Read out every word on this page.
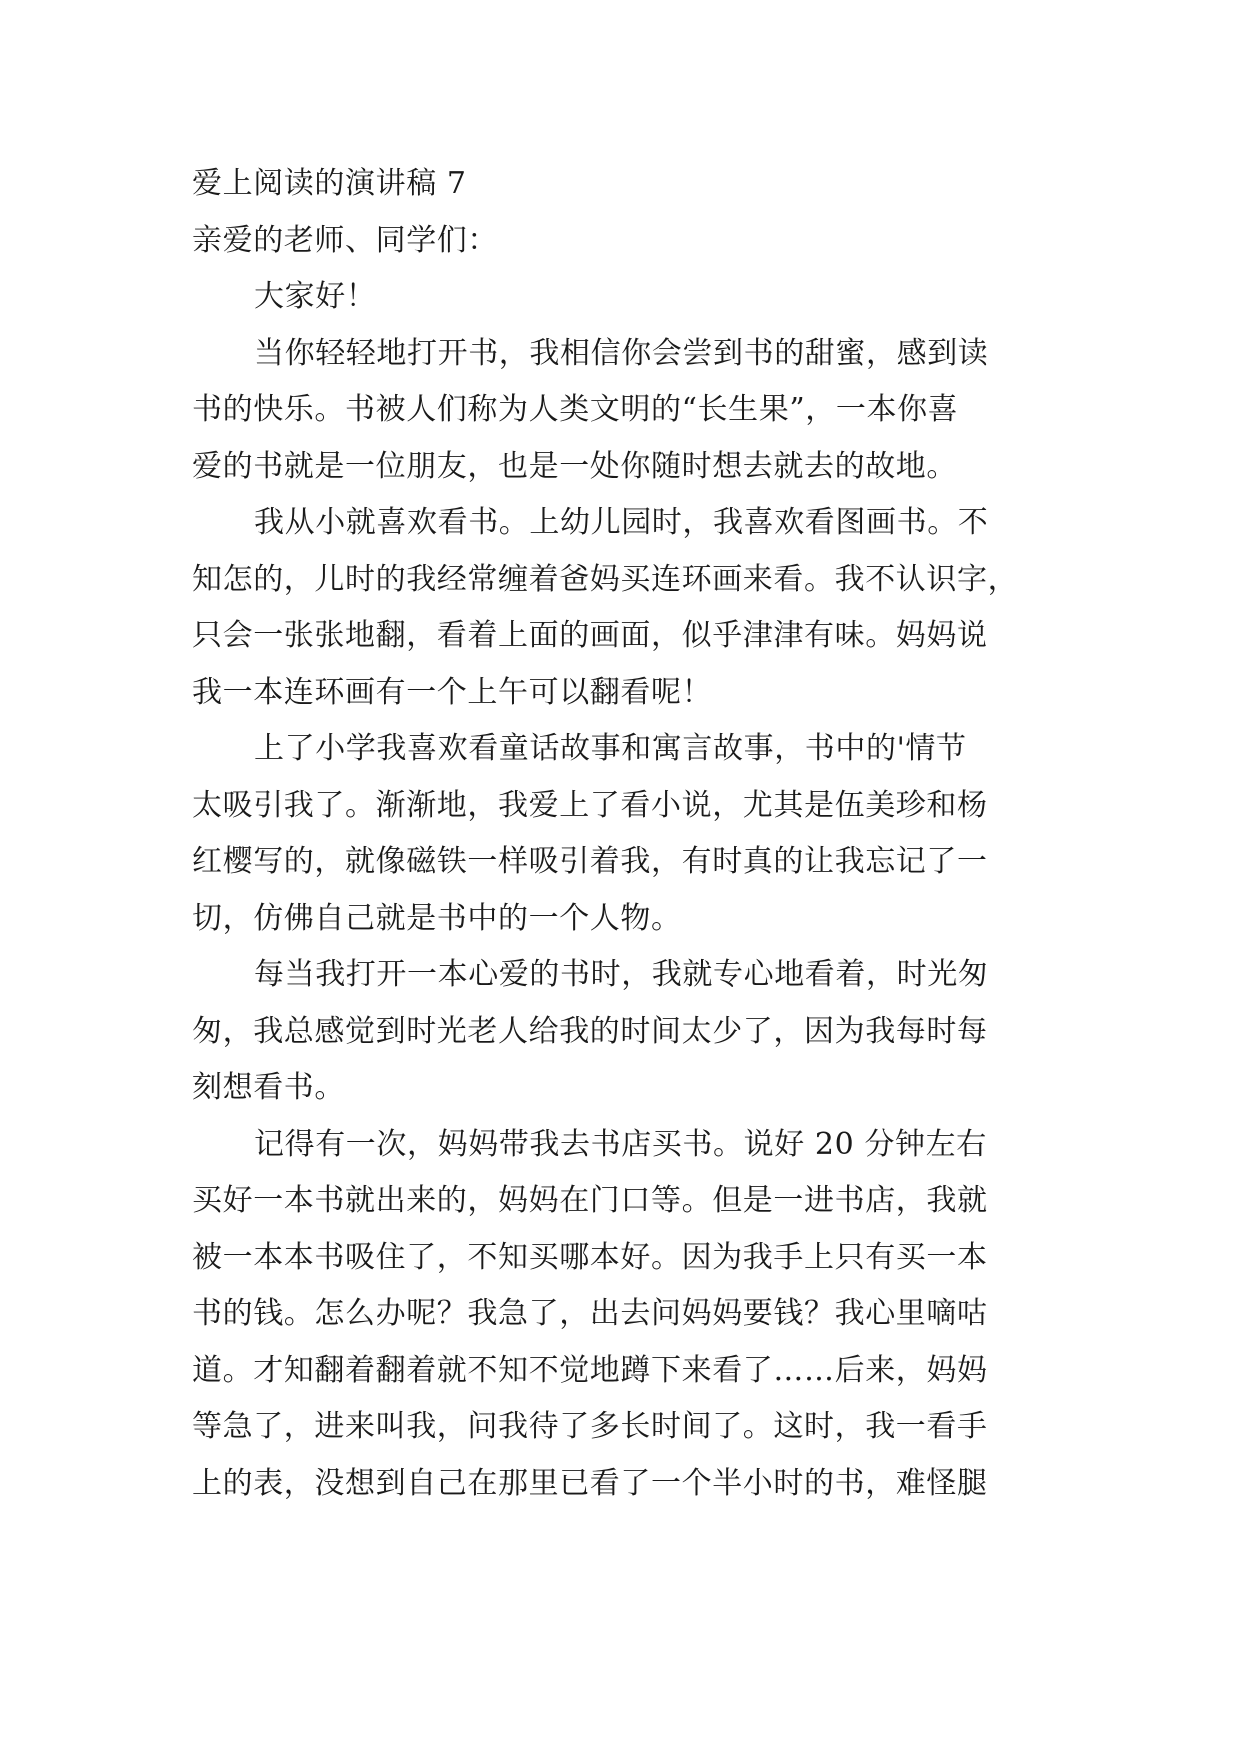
爱上阅读的演讲稿 7
亲爱的老师、同学们：
大家好！
当你轻轻地打开书，我相信你会尝到书的甜蜜，感到读
书的快乐。书被人们称为人类文明的“长生果”，一本你喜
爱的书就是一位朋友，也是一处你随时想去就去的故地。
我从小就喜欢看书。上幼儿园时，我喜欢看图画书。不
知怎的，儿时的我经常缠着爸妈买连环画来看。我不认识字，
只会一张张地翻，看着上面的画面，似乎津津有味。妈妈说
我一本连环画有一个上午可以翻看呢！
上了小学我喜欢看童话故事和寓言故事，书中的'情节
太吸引我了。渐渐地，我爱上了看小说，尤其是伍美珍和杨
红樱写的，就像磁铁一样吸引着我，有时真的让我忘记了一
切，仿佛自己就是书中的一个人物。
每当我打开一本心爱的书时，我就专心地看着，时光匆
匆，我总感觉到时光老人给我的时间太少了，因为我每时每
刻想看书。
记得有一次，妈妈带我去书店买书。说好 20 分钟左右
买好一本书就出来的，妈妈在门口等。但是一进书店，我就
被一本本书吸住了，不知买哪本好。因为我手上只有买一本
书的钱。怎么办呢？我急了，出去问妈妈要钱？我心里嘀咕
道。才知翻着翻着就不知不觉地蹲下来看了……后来，妈妈
等急了，进来叫我，问我待了多长时间了。这时，我一看手
上的表，没想到自己在那里已看了一个半小时的书，难怪腿
